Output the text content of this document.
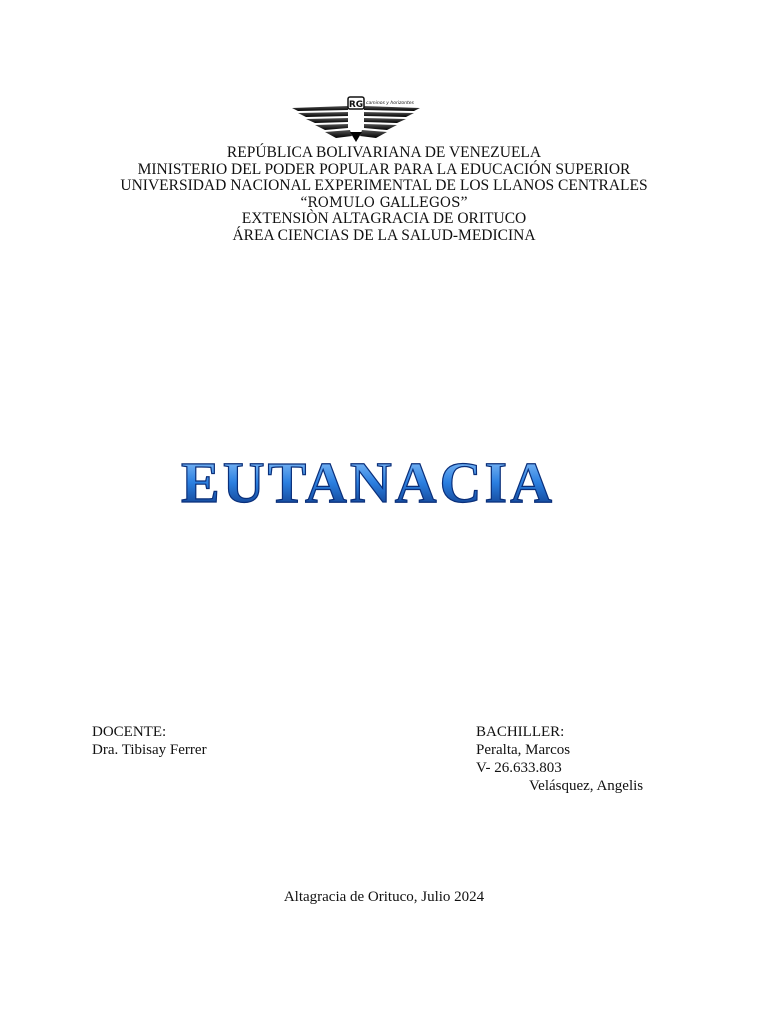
RG caminos y horizontes
REPÚBLICA BOLIVARIANA DE VENEZUELA
MINISTERIO DEL PODER POPULAR PARA LA EDUCACIÓN SUPERIOR
UNIVERSIDAD NACIONAL EXPERIMENTAL DE LOS LLANOS CENTRALES
“ROMULO GALLEGOS”
EXTENSIÒN ALTAGRACIA DE ORITUCO
ÁREA CIENCIAS DE LA SALUD-MEDICINA
EUTANACIA
DOCENTE:
Dra. Tibisay Ferrer
BACHILLER:
Peralta, Marcos
V- 26.633.803
Velásquez, Angelis
Altagracia de Orituco, Julio 2024
